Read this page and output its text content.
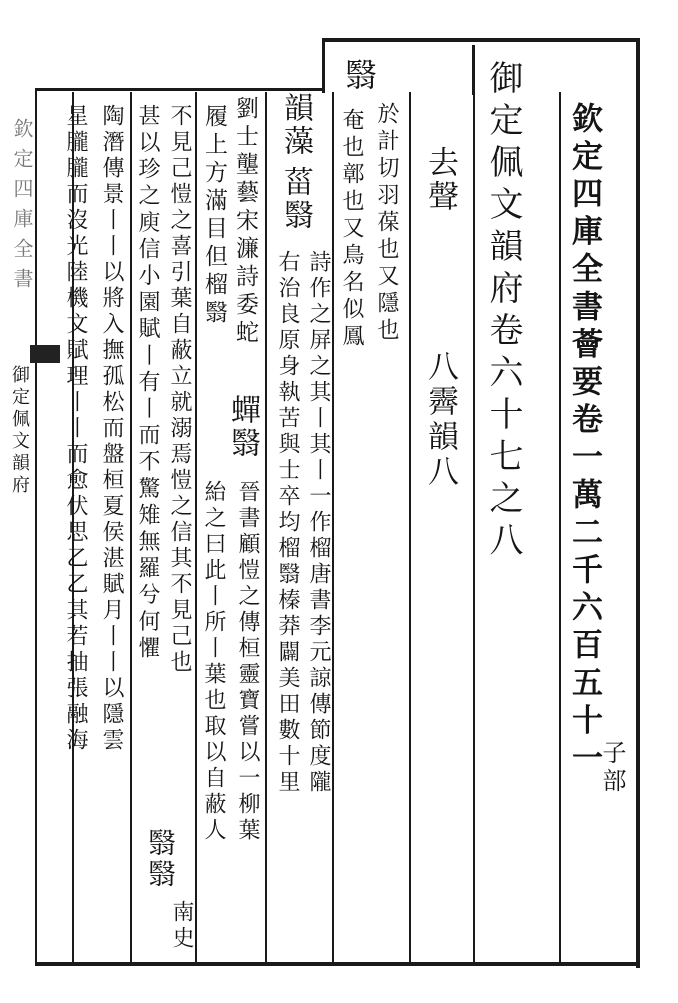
欽定四庫全書薈要卷一萬二千六百五十一
子部
御定佩文韻府卷六十七之八
去聲
八霽韻八
翳
於計切羽葆也又隱也
奄也鄣也又鳥名似鳳
韻藻
菑翳
詩作之屏之其丨其丨一作榴唐書李元諒傳節度隴
右治良原身執苦與士卒均榴翳榛莽闢美田數十里
劉士壟藝宋濂詩委蛇
蟬翳
晉書顧愷之傳桓靈寶嘗以一柳葉
履上方滿目但榴翳
紿之曰此丨所丨葉也取以自蔽人
不見己愷之喜引葉自蔽立就溺焉愷之信其不見己也
翳翳
南史
甚以珍之庾信小園賦丨有丨而不驚雉無羅兮何懼
陶潛傳景丨丨以將入撫孤松而盤桓夏侯湛賦月丨丨以隱雲
星朧朧而沒光陸機文賦理丨丨而愈伏思乙乙其若抽張融海
欽定四庫全書
御定佩文韻府
